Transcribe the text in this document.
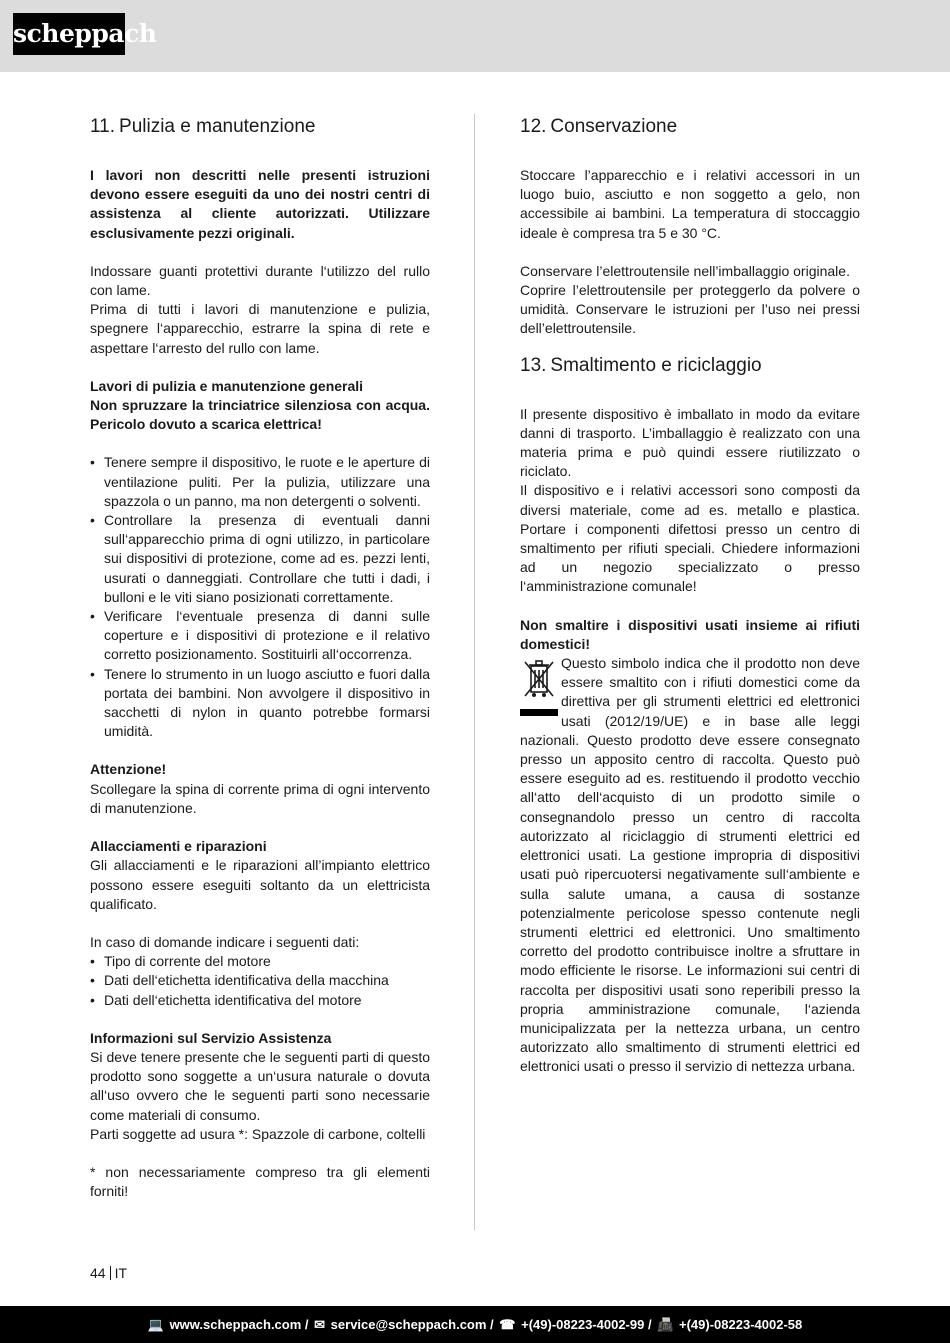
scheppach
11. Pulizia e manutenzione

I lavori non descritti nelle presenti istruzioni devono essere eseguiti da uno dei nostri centri di assistenza al cliente autorizzati. Utilizzare esclusivamente pezzi originali.

Indossare guanti protettivi durante l‘utilizzo del rullo con lame.

Prima di tutti i lavori di manutenzione e pulizia, spegnere l‘apparecchio, estrarre la spina di rete e aspettare l‘arresto del rullo con lame.

Lavori di pulizia e manutenzione generali

Non spruzzare la trinciatrice silenziosa con acqua. Pericolo dovuto a scarica elettrica!

• Tenere sempre il dispositivo, le ruote e le aperture di ventilazione puliti. Per la pulizia, utilizzare una spazzola o un panno, ma non detergenti o solventi.
• Controllare la presenza di eventuali danni sull‘apparecchio prima di ogni utilizzo, in particolare sui dispositivi di protezione, come ad es. pezzi lenti, usurati o danneggiati. Controllare che tutti i dadi, i bulloni e le viti siano posizionati correttamente.
• Verificare l‘eventuale presenza di danni sulle coperture e i dispositivi di protezione e il relativo corretto posizionamento. Sostituirli all‘occorrenza.
• Tenere lo strumento in un luogo asciutto e fuori dalla portata dei bambini. Non avvolgere il dispositivo in sacchetti di nylon in quanto potrebbe formarsi umidità.

Attenzione!

Scollegare la spina di corrente prima di ogni intervento di manutenzione.

Allacciamenti e riparazioni

Gli allacciamenti e le riparazioni all’impianto elettrico possono essere eseguiti soltanto da un elettricista qualificato.

In caso di domande indicare i seguenti dati:

• Tipo di corrente del motore
• Dati dell‘etichetta identificativa della macchina
• Dati dell‘etichetta identificativa del motore

Informazioni sul Servizio Assistenza

Si deve tenere presente che le seguenti parti di questo prodotto sono soggette a un‘usura naturale o dovuta all‘uso ovvero che le seguenti parti sono necessarie come materiali di consumo.

Parti soggette ad usura *: Spazzole di carbone, coltelli

* non necessariamente compreso tra gli elementi forniti!

12. Conservazione

Stoccare l’apparecchio e i relativi accessori in un luogo buio, asciutto e non soggetto a gelo, non accessibile ai bambini. La temperatura di stoccaggio ideale è compresa tra 5 e 30 °C.

Conservare l’elettroutensile nell’imballaggio originale.

Coprire l’elettroutensile per proteggerlo da polvere o umidità. Conservare le istruzioni per l’uso nei pressi dell’elettroutensile.

13. Smaltimento e riciclaggio

Il presente dispositivo è imballato in modo da evitare danni di trasporto. L’imballaggio è realizzato con una materia prima e può quindi essere riutilizzato o riciclato.

Il dispositivo e i relativi accessori sono composti da diversi materiale, come ad es. metallo e plastica. Portare i componenti difettosi presso un centro di smaltimento per rifiuti speciali. Chiedere informazioni ad un negozio specializzato o presso l‘amministrazione comunale!

Non smaltire i dispositivi usati insieme ai rifiuti domestici!

Questo simbolo indica che il prodotto non deve essere smaltito con i rifiuti domestici come da direttiva per gli strumenti elettrici ed elettronici usati (2012/19/UE) e in base alle leggi nazionali. Questo prodotto deve essere consegnato presso un apposito centro di raccolta. Questo può essere eseguito ad es. restituendo il prodotto vecchio all‘atto dell‘acquisto di un prodotto simile o consegnandolo presso un centro di raccolta autorizzato al riciclaggio di strumenti elettrici ed elettronici usati. La gestione impropria di dispositivi usati può ripercuotersi negativamente sull‘ambiente e sulla salute umana, a causa di sostanze potenzialmente pericolose spesso contenute negli strumenti elettrici ed elettronici. Uno smaltimento corretto del prodotto contribuisce inoltre a sfruttare in modo efficiente le risorse. Le informazioni sui centri di raccolta per dispositivi usati sono reperibili presso la propria amministrazione comunale, l‘azienda municipalizzata per la nettezza urbana, un centro autorizzato allo smaltimento di strumenti elettrici ed elettronici usati o presso il servizio di nettezza urbana.

44 IT
💻 www.scheppach.com / ✉ service@scheppach.com / ☎ +(49)-08223-4002-99 / 📠 +(49)-08223-4002-58
